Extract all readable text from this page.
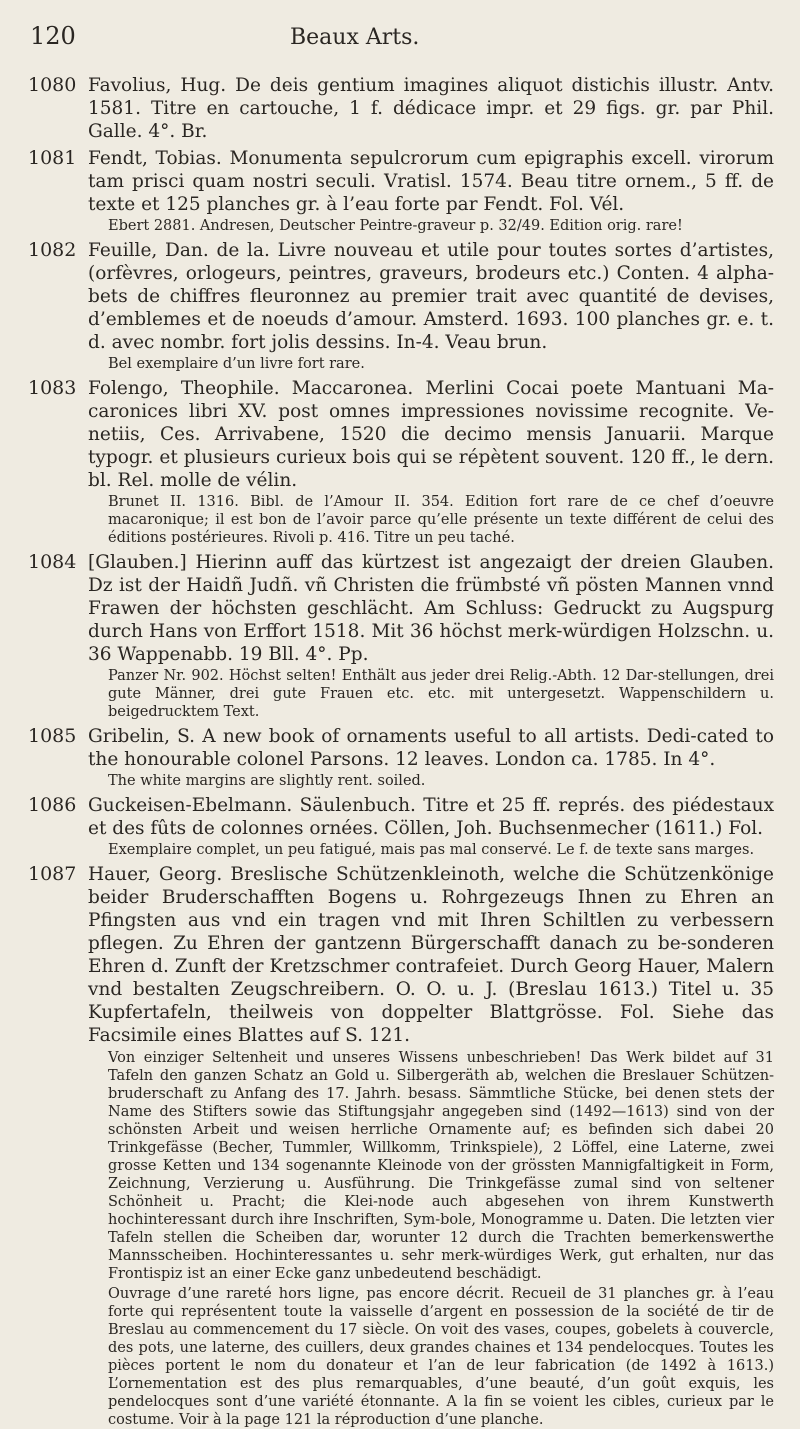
120	Beaux Arts.
1080 Favolius, Hug. De deis gentium imagines aliquot distichis illustr. Antv. 1581. Titre en cartouche, 1 f. dédicace impr. et 29 figs. gr. par Phil. Galle. 4°. Br.

1081 Fendt, Tobias. Monumenta sepulcrorum cum epigraphis excell. virorum tam prisci quam nostri seculi. Vratisl. 1574. Beau titre ornem., 5 ff. de texte et 125 planches gr. à l’eau forte par Fendt. Fol. Vél.

Ebert 2881. Andresen, Deutscher Peintre-graveur p. 32/49. Edition orig. rare!

1082 Feuille, Dan. de la. Livre nouveau et utile pour toutes sortes d’artistes, (orfèvres, orlogeurs, peintres, graveurs, brodeurs etc.) Conten. 4 alpha-bets de chiffres fleuronnez au premier trait avec quantité de devises, d’emblemes et de noeuds d’amour. Amsterd. 1693. 100 planches gr. e. t. d. avec nombr. fort jolis dessins. In-4. Veau brun.

Bel exemplaire d’un livre fort rare.

1083 Folengo, Theophile. Maccaronea. Merlini Cocai poete Mantuani Ma-caronices libri XV. post omnes impressiones novissime recognite. Ve-netiis, Ces. Arrivabene, 1520 die decimo mensis Januarii. Marque typogr. et plusieurs curieux bois qui se répètent souvent. 120 ff., le dern. bl. Rel. molle de vélin.

Brunet II. 1316. Bibl. de l’Amour II. 354. Edition fort rare de ce chef d’oeuvre macaronique; il est bon de l’avoir parce qu’elle présente un texte différent de celui des éditions postérieures. Rivoli p. 416. Titre un peu taché.

1084 [Glauben.] Hierinn auff das kürtzest ist angezaigt der dreien Glauben. Dz ist der Haidñ Judñ. vñ Christen die frümbsté vñ pösten Mannen vnnd Frawen der höchsten geschlächt. Am Schluss: Gedruckt zu Augspurg durch Hans von Erffort 1518. Mit 36 höchst merk-würdigen Holzschn. u. 36 Wappenabb. 19 Bll. 4°. Pp.

Panzer Nr. 902. Höchst selten! Enthält aus jeder drei Relig.-Abth. 12 Dar-stellungen, drei gute Männer, drei gute Frauen etc. etc. mit untergesetzt. Wappenschildern u. beigedrucktem Text.

1085 Gribelin, S. A new book of ornaments useful to all artists. Dedi-cated to the honourable colonel Parsons. 12 leaves. London ca. 1785. In 4°.

The white margins are slightly rent. soiled.

1086 Guckeisen-Ebelmann. Säulenbuch. Titre et 25 ff. représ. des piédestaux et des fûts de colonnes ornées. Cöllen, Joh. Buchsenmecher (1611.) Fol.

Exemplaire complet, un peu fatigué, mais pas mal conservé. Le f. de texte sans marges.

1087 Hauer, Georg. Breslische Schützenkleinoth, welche die Schützenkönige beider Bruderschafften Bogens u. Rohrgezeugs Ihnen zu Ehren an Pfingsten aus vnd ein tragen vnd mit Ihren Schiltlen zu verbessern pflegen. Zu Ehren der gantzenn Bürgerschafft danach zu be-sonderen Ehren d. Zunft der Kretzschmer contrafeiet. Durch Georg Hauer, Malern vnd bestalten Zeugschreibern. O. O. u. J. (Breslau 1613.) Titel u. 35 Kupfertafeln, theilweis von doppelter Blattgrösse. Fol. Siehe das Facsimile eines Blattes auf S. 121.

Von einziger Seltenheit und unseres Wissens unbeschrieben! Das Werk bildet auf 31 Tafeln den ganzen Schatz an Gold u. Silbergeräth ab, welchen die Breslauer Schützen-bruderschaft zu Anfang des 17. Jahrh. besass. Sämmtliche Stücke, bei denen stets der Name des Stifters sowie das Stiftungsjahr angegeben sind (1492—1613) sind von der schönsten Arbeit und weisen herrliche Ornamente auf; es befinden sich dabei 20 Trinkgefässe (Becher, Tummler, Willkomm, Trinkspiele), 2 Löffel, eine Laterne, zwei grosse Ketten und 134 sogenannte Kleinode von der grössten Mannigfaltigkeit in Form, Zeichnung, Verzierung u. Ausführung. Die Trinkgefässe zumal sind von seltener Schönheit u. Pracht; die Klei-node auch abgesehen von ihrem Kunstwerth hochinteressant durch ihre Inschriften, Sym-bole, Monogramme u. Daten. Die letzten vier Tafeln stellen die Scheiben dar, worunter 12 durch die Trachten bemerkenswerthe Mannsscheiben. Hochinteressantes u. sehr merk-würdiges Werk, gut erhalten, nur das Frontispiz ist an einer Ecke ganz unbedeutend beschädigt.

Ouvrage d’une rareté hors ligne, pas encore décrit. Recueil de 31 planches gr. à l’eau forte qui représentent toute la vaisselle d’argent en possession de la société de tir de Breslau au commencement du 17 siècle. On voit des vases, coupes, gobelets à couvercle, des pots, une laterne, des cuillers, deux grandes chaines et 134 pendelocques. Toutes les pièces portent le nom du donateur et l’an de leur fabrication (de 1492 à 1613.) L’ornementation est des plus remarquables, d’une beauté, d’un goût exquis, les pendelocques sont d’une variété étonnante. A la fin se voient les cibles, curieux par le costume. Voir à la page 121 la réproduction d’une planche.
